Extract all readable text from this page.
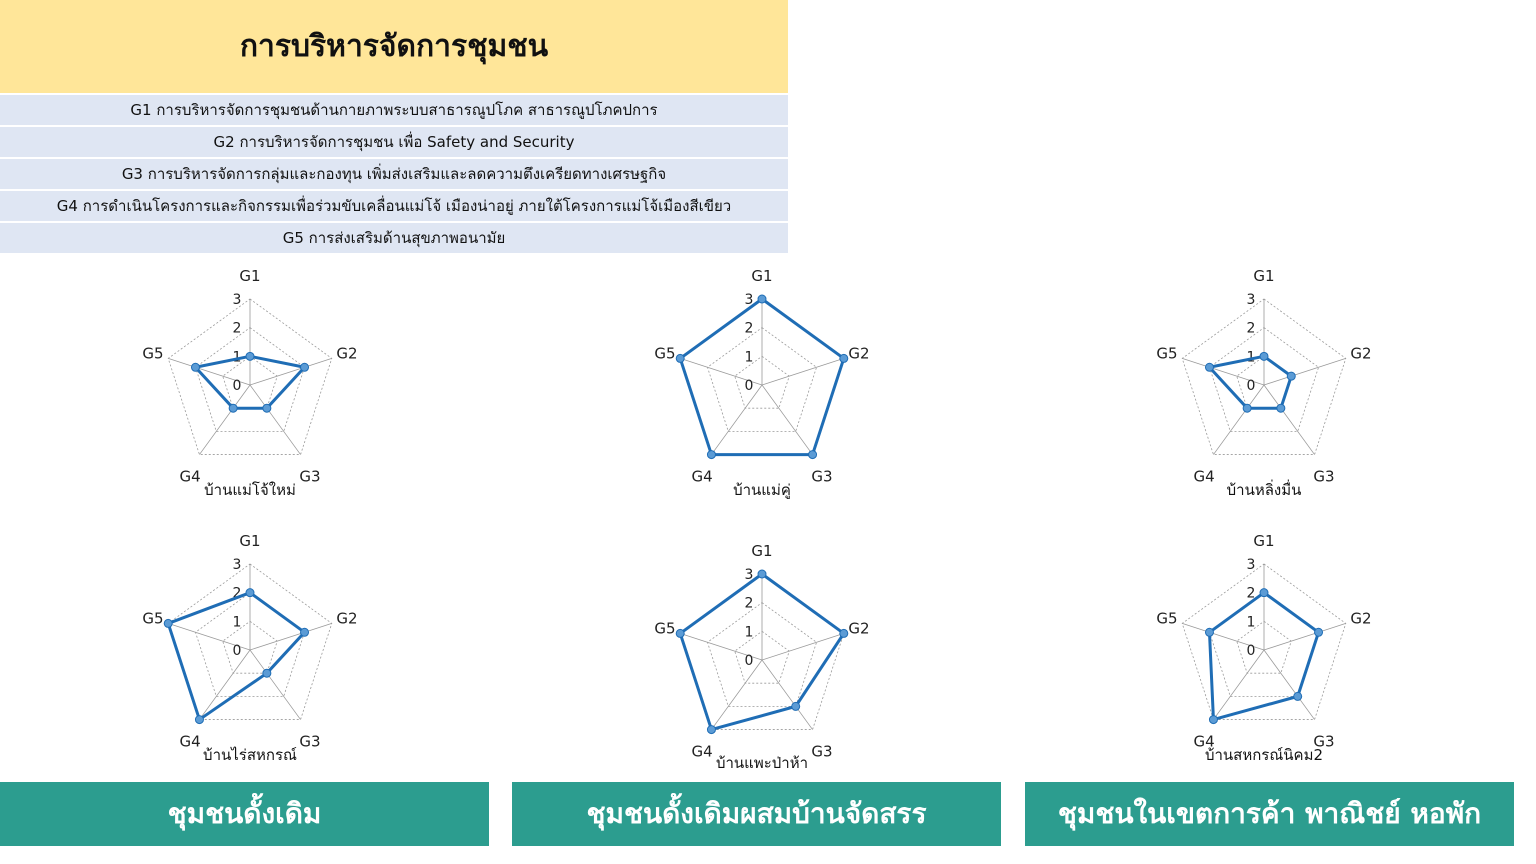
การบริหารจัดการชุมชน
G1 การบริหารจัดการชุมชนด้านกายภาพระบบสาธารณูปโภค สาธารณูปโภคปการ
G2 การบริหารจัดการชุมชน เพื่อ Safety and Security
G3 การบริหารจัดการกลุ่มและกองทุน เพิ่มส่งเสริมและลดความตึงเครียดทางเศรษฐกิจ
G4 การดำเนินโครงการและกิจกรรมเพื่อร่วมขับเคลื่อนแม่โจ้ เมืองน่าอยู่ ภายใต้โครงการแม่โจ้เมืองสีเขียว
G5 การส่งเสริมด้านสุขภาพอนามัย
0
1
2
3
G1
G2
G3
G4
G5
บ้านแม่โจ้ใหม่
0
1
2
3
G1
G2
G3
G4
G5
บ้านแม่คู่
0
1
2
3
G1
G2
G3
G4
G5
บ้านหลิ่งมื่น
0
1
2
3
G1
G2
G3
G4
G5
บ้านไร่สหกรณ์
0
1
2
3
G1
G2
G3
G4
G5
บ้านแพะป่าห้า
0
1
2
3
G1
G2
G3
G4
G5
บ้านสหกรณ์นิคม2
ชุมชนดั้งเดิม	ชุมชนดั้งเดิมผสมบ้านจัดสรร	ชุมชนในเขตการค้า พาณิชย์ หอพัก
